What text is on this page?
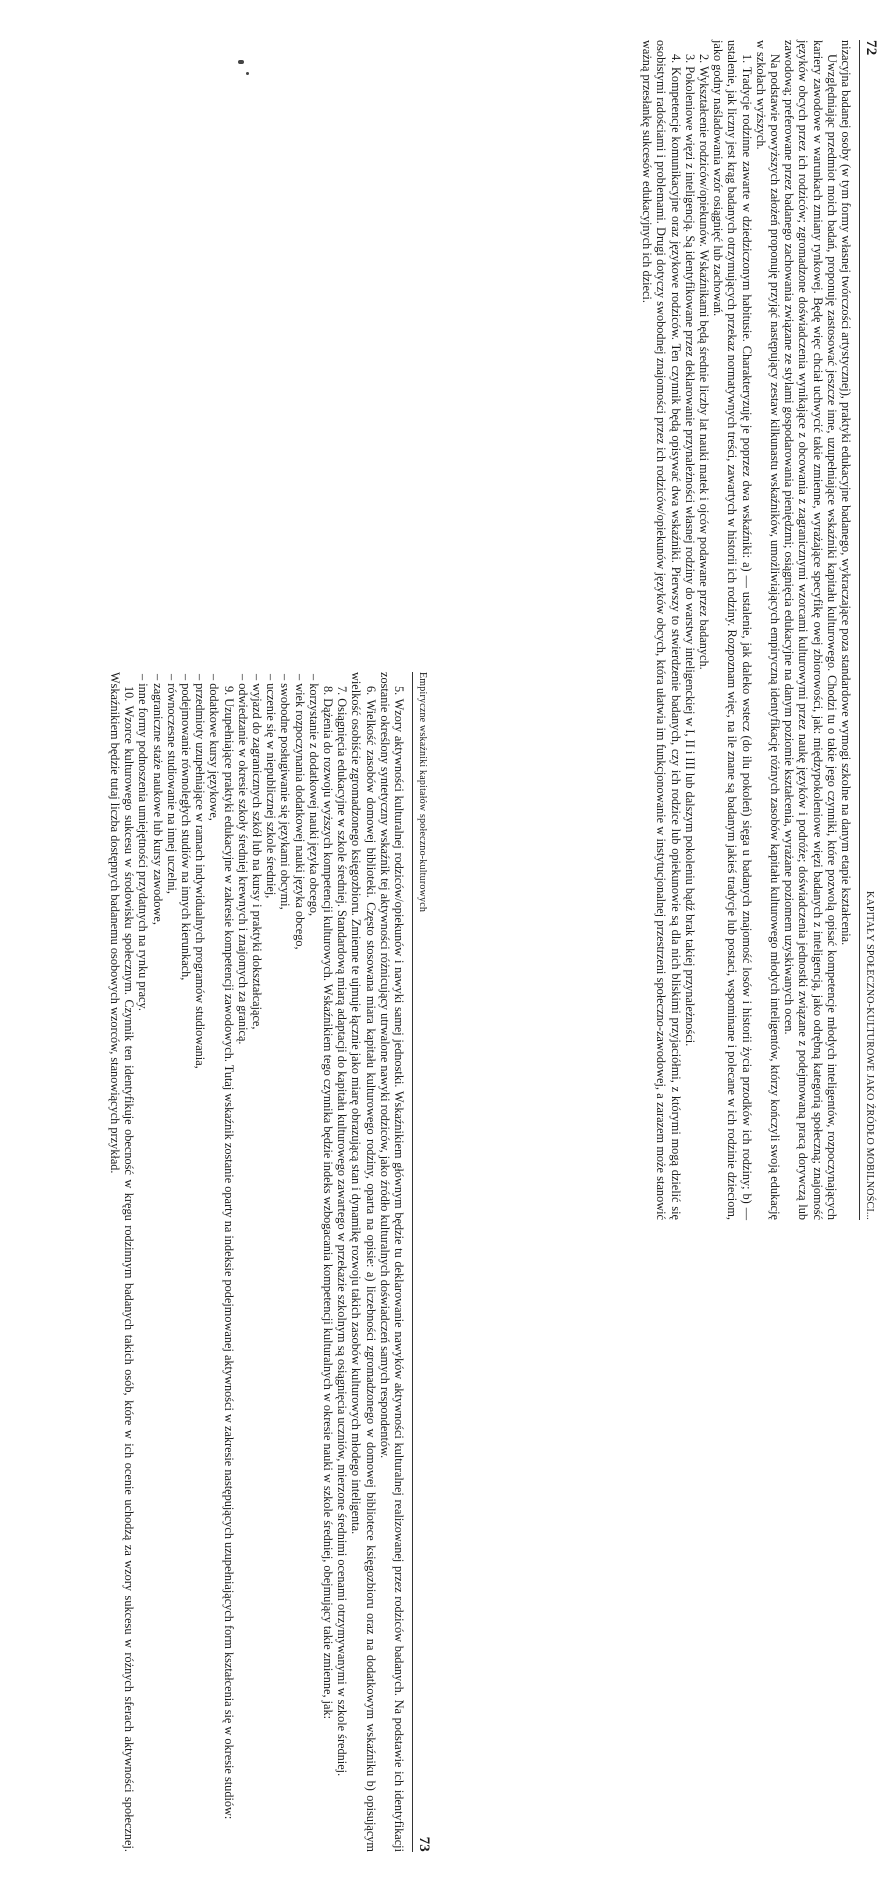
72
KAPITAŁY SPOŁECZNO-KULTUROWE JAKO ŹRÓDŁO MOBILNOŚCI...

nizacyjna badanej osoby (w tym formy własnej twórczości artystycznej), praktyki edukacyjne badanego, wykraczające poza standardowe wymogi szkolne na danym etapie kształcenia.

Uwzględniając przedmiot moich badań, proponuję zastosować jeszcze inne, uzupełniające wskaźniki kapitału kulturowego. Chodzi tu o takie jego czynniki, które pozwolą opisać kompetencje młodych inteligentów, rozpoczynających kariery zawodowe w warunkach zmiany rynkowej. Będę więc chciał uchwycić takie zmienne, wyrażające specyfikę owej zbiorowości, jak: międzypokoleniowe więzi badanych z inteligencją, jako odrębną kategorią społeczną; znajomość języków obcych przez ich rodziców; zgromadzone doświadczenia wynikające z obcowania z zagranicznymi wzorcami kulturowymi przez naukę języków i podróże; doświadczenia jednostki związane z podejmowaną pracą dorywczą lub zawodową; preferowane przez badanego zachowania związane ze stylami gospodarowania pieniędzmi; osiągnięcia edukacyjne na danym poziomie kształcenia, wyrażane poziomem uzyskiwanych ocen.

Na podstawie powyższych założeń proponuję przyjąć następujący zestaw kilkunastu wskaźników, umożliwiających empiryczną identyfikację różnych zasobów kapitału kulturowego młodych inteligentów, którzy kończyli swoją edukację w szkołach wyższych.

1. Tradycje rodzinne zawarte w dziedziczonym habitusie. Charakteryzuję je poprzez dwa wskaźniki: a) — ustalenie, jak daleko wstecz (do ilu pokoleń) sięga u badanych znajomość losów i historii życia przodków ich rodziny; b) — ustalenie, jak liczny jest krąg badanych otrzymujących przekaz normatywnych treści, zawartych w historii ich rodziny. Rozpoznam więc, na ile znane są badanym jakieś tradycje lub postaci, wspominane i polecane w ich rodzinie dzieciom, jako godny naśladowania wzór osiągnięć lub zachowań.

2. Wykształcenie rodziców/opiekunów. Wskaźnikami będą średnie liczby lat nauki matek i ojców podawane przez badanych.

3. Pokoleniowe więzi z inteligencją. Są identyfikowane przez deklarowanie przynależności własnej rodziny do warstwy inteligenckiej w I, II i III lub dalszym pokoleniu bądź brak takiej przynależności.

4. Kompetencje komunikacyjne oraz językowe rodziców. Ten czynnik będą opisywać dwa wskaźniki. Pierwszy to stwierdzenie badanych, czy ich rodzice lub opiekunowie są dla nich bliskimi przyjaciółmi, z którymi mogą dzielić się osobistymi radościami i problemami. Drugi dotyczy swobodnej znajomości przez ich rodziców/opiekunów języków obcych, która ułatwia im funkcjonowanie w instytucjonalnej przestrzeni społeczno-zawodowej, a zarazem może stanowić ważną przesłankę sukcesów edukacyjnych ich dzieci.

Empiryczne wskaźniki kapitałów społeczno-kulturowych
73

5. Wzory aktywności kulturalnej rodziców/opiekunów i nawyki samej jednostki. Wskaźnikiem głównym będzie tu deklarowanie nawyków aktywności kulturalnej realizowanej przez rodziców badanych. Na podstawie ich identyfikacji zostanie określony syntetyczny wskaźnik tej aktywności różnicujący utrwalone nawyki rodziców, jako źródło kulturalnych doświadczeń samych respondentów.

6. Wielkość zasobów domowej biblioteki. Często stosowana miara kapitału kulturowego rodziny, oparta na opisie: a) liczebności zgromadzonego w domowej bibliotece księgozbioru oraz na dodatkowym wskaźniku b) opisującym wielkość osobiście zgromadzonego księgozbioru. Zmienne te ujmuje łącznie jako miarę obrazującą stan i dynamikę rozwoju takich zasobów kulturowych młodego inteligenta.

7. Osiągnięcia edukacyjne w szkole średniej. Standardową miarą adaptacji do kapitału kulturowego zawartego w przekazie szkolnym są osiągnięcia uczniów, mierzone średnimi ocenami otrzymywanymi w szkole średniej.

8. Dążenia do rozwoju wyższych kompetencji kulturowych. Wskaźnikiem tego czynnika będzie indeks wzbogacania kompetencji kulturalnych w okresie nauki w szkole średniej, obejmujący takie zmienne, jak:

– korzystanie z dodatkowej nauki języka obcego,
– wiek rozpoczynania dodatkowej nauki języka obcego,
– swobodne posługiwanie się językami obcymi,
– uczenie się w niepublicznej szkole średniej,
– wyjazd do zagranicznych szkół lub na kursy i praktyki dokształcające,
– odwiedzanie w okresie szkoły średniej krewnych i znajomych za granicą.

9. Uzupełniające praktyki edukacyjne w zakresie kompetencji zawodowych. Tutaj wskaźnik zostanie oparty na indeksie podejmowanej aktywności w zakresie następujących uzupełniających form kształcenia się w okresie studiów:

– dodatkowe kursy językowe,
– przedmioty uzupełniające w ramach indywidualnych programów studiowania,
– podejmowanie równoległych studiów na innych kierunkach,
– równoczesne studiowanie na innej uczelni,
– zagraniczne staże naukowe lub kursy zawodowe,
– inne formy podnoszenia umiejętności przydatnych na rynku pracy.

10. Wzorce kulturowego sukcesu w środowisku społecznym. Czynnik ten identyfikuje obecność w kręgu rodzinnym badanych takich osób, które w ich ocenie uchodzą za wzory sukcesu w różnych sferach aktywności społecznej. Wskaźnikiem będzie tutaj liczba dostępnych badanemu osobowych wzorców, stanowiących przykład.
